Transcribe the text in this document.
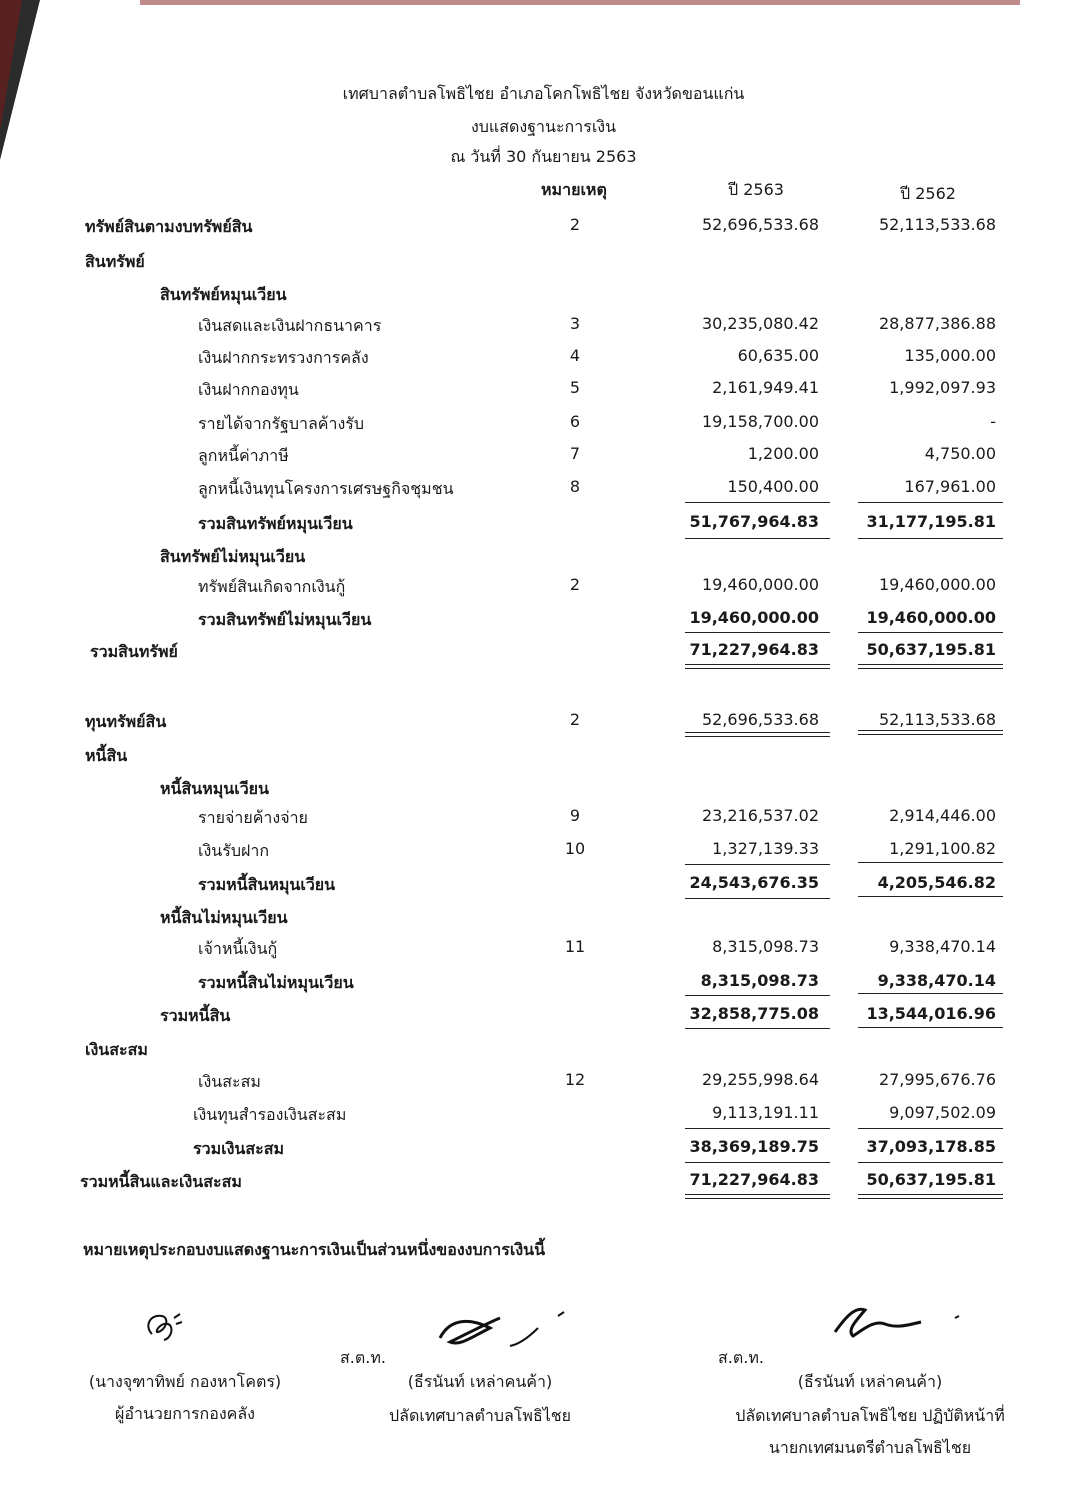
เทศบาลตำบลโพธิไชย อำเภอโคกโพธิไชย จังหวัดขอนแก่น
งบแสดงฐานะการเงิน
ณ วันที่ 30 กันยายน 2563
หมายเหตุ	ปี 2563	ปี 2562
ทรัพย์สินตามงบทรัพย์สิน	2	52,696,533.68	52,113,533.68
สินทรัพย์
สินทรัพย์หมุนเวียน
เงินสดและเงินฝากธนาคาร	3	30,235,080.42	28,877,386.88
เงินฝากกระทรวงการคลัง	4	60,635.00	135,000.00
เงินฝากกองทุน	5	2,161,949.41	1,992,097.93
รายได้จากรัฐบาลค้างรับ	6	19,158,700.00	-
ลูกหนี้ค่าภาษี	7	1,200.00	4,750.00
ลูกหนี้เงินทุนโครงการเศรษฐกิจชุมชน	8	150,400.00	167,961.00
รวมสินทรัพย์หมุนเวียน	51,767,964.83	31,177,195.81
สินทรัพย์ไม่หมุนเวียน
ทรัพย์สินเกิดจากเงินกู้	2	19,460,000.00	19,460,000.00
รวมสินทรัพย์ไม่หมุนเวียน	19,460,000.00	19,460,000.00
รวมสินทรัพย์	71,227,964.83	50,637,195.81
ทุนทรัพย์สิน	2	52,696,533.68	52,113,533.68
หนี้สิน
หนี้สินหมุนเวียน
รายจ่ายค้างจ่าย	9	23,216,537.02	2,914,446.00
เงินรับฝาก	10	1,327,139.33	1,291,100.82
รวมหนี้สินหมุนเวียน	24,543,676.35	4,205,546.82
หนี้สินไม่หมุนเวียน
เจ้าหนี้เงินกู้	11	8,315,098.73	9,338,470.14
รวมหนี้สินไม่หมุนเวียน	8,315,098.73	9,338,470.14
รวมหนี้สิน	32,858,775.08	13,544,016.96
เงินสะสม
เงินสะสม	12	29,255,998.64	27,995,676.76
เงินทุนสำรองเงินสะสม	9,113,191.11	9,097,502.09
รวมเงินสะสม	38,369,189.75	37,093,178.85
รวมหนี้สินและเงินสะสม	71,227,964.83	50,637,195.81
หมายเหตุประกอบงบแสดงฐานะการเงินเป็นส่วนหนึ่งของงบการเงินนี้
ส.ต.ท.	ส.ต.ท.
(นางจุฑาทิพย์ กองหาโคตร)
ผู้อำนวยการกองคลัง
(ธีรนันท์ เหล่าคนค้า)
ปลัดเทศบาลตำบลโพธิไชย
(ธีรนันท์ เหล่าคนค้า)
ปลัดเทศบาลตำบลโพธิไชย ปฏิบัติหน้าที่
นายกเทศมนตรีตำบลโพธิไชย
